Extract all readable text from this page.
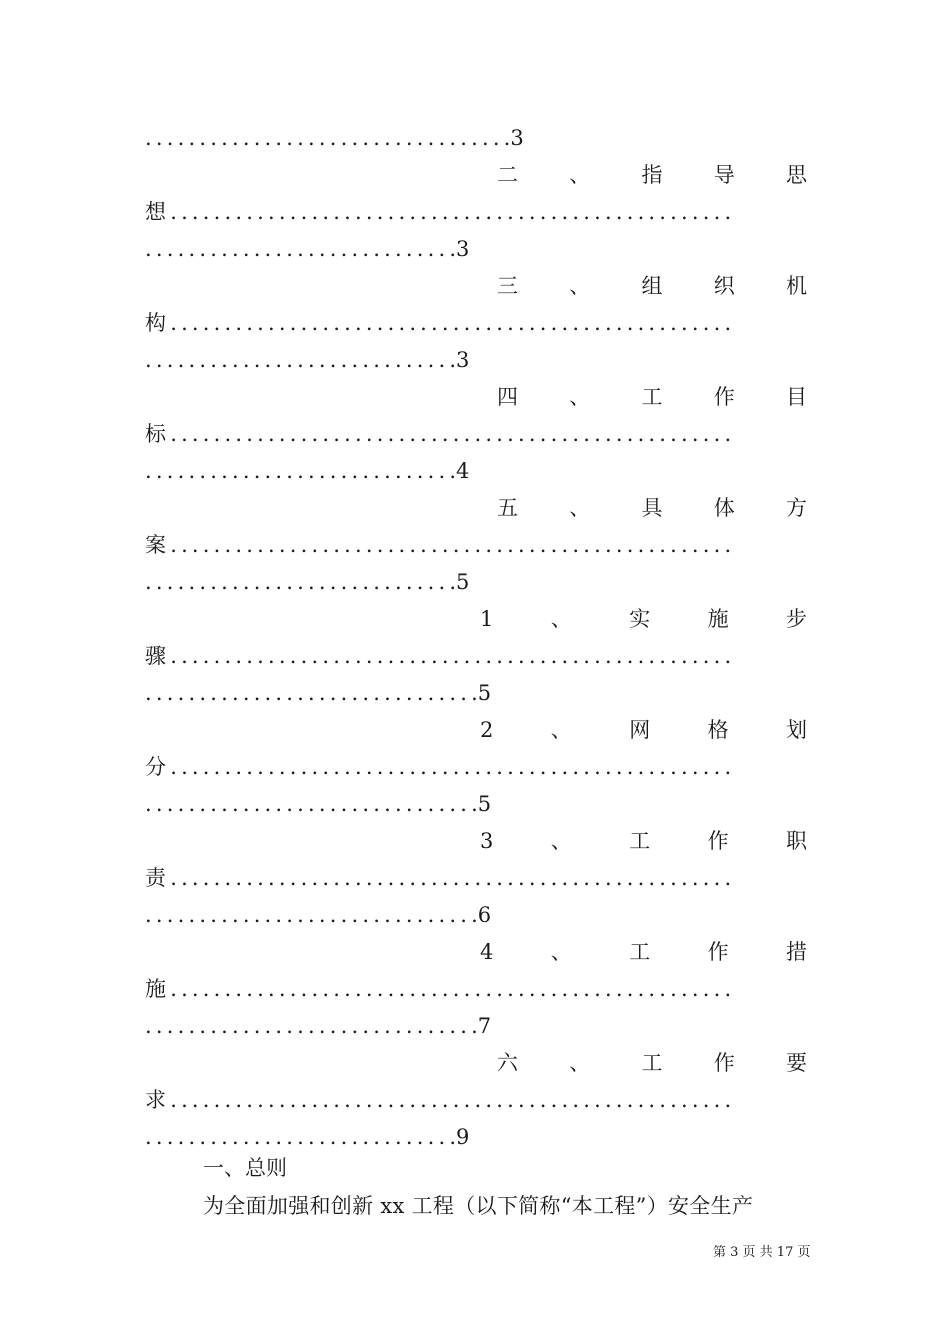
. . . . . . . . . . . . . . . . . . . . . . . . . . . . . . . . . .3
二 、 指 导 思
想 . . . . . . . . . . . . . . . . . . . . . . . . . . . . . . . . . . . . . . . . . . . . . . . . . . . .
. . . . . . . . . . . . . . . . . . . . . . . . . . . . .3
三 、 组 织 机
构 . . . . . . . . . . . . . . . . . . . . . . . . . . . . . . . . . . . . . . . . . . . . . . . . . . . .
. . . . . . . . . . . . . . . . . . . . . . . . . . . . .3
四 、 工 作 目
标 . . . . . . . . . . . . . . . . . . . . . . . . . . . . . . . . . . . . . . . . . . . . . . . . . . . .
. . . . . . . . . . . . . . . . . . . . . . . . . . . . .4
五 、 具 体 方
案 . . . . . . . . . . . . . . . . . . . . . . . . . . . . . . . . . . . . . . . . . . . . . . . . . . . .
. . . . . . . . . . . . . . . . . . . . . . . . . . . . .5
1	、	实	施	步
骤 . . . . . . . . . . . . . . . . . . . . . . . . . . . . . . . . . . . . . . . . . . . . . . . . . . . .
. . . . . . . . . . . . . . . . . . . . . . . . . . . . . . .5
2	、	网	格	划
分 . . . . . . . . . . . . . . . . . . . . . . . . . . . . . . . . . . . . . . . . . . . . . . . . . . . .
. . . . . . . . . . . . . . . . . . . . . . . . . . . . . . .5
3	、	工	作	职
责 . . . . . . . . . . . . . . . . . . . . . . . . . . . . . . . . . . . . . . . . . . . . . . . . . . . .
. . . . . . . . . . . . . . . . . . . . . . . . . . . . . . .6
4	、	工	作	措
施 . . . . . . . . . . . . . . . . . . . . . . . . . . . . . . . . . . . . . . . . . . . . . . . . . . . .
. . . . . . . . . . . . . . . . . . . . . . . . . . . . . . .7
六 、 工 作 要
求 . . . . . . . . . . . . . . . . . . . . . . . . . . . . . . . . . . . . . . . . . . . . . . . . . . . .
. . . . . . . . . . . . . . . . . . . . . . . . . . . . .9
一、总则
为全面加强和创新 xx 工程（以下简称“本工程”）安全生产
第 3 页 共 17 页
